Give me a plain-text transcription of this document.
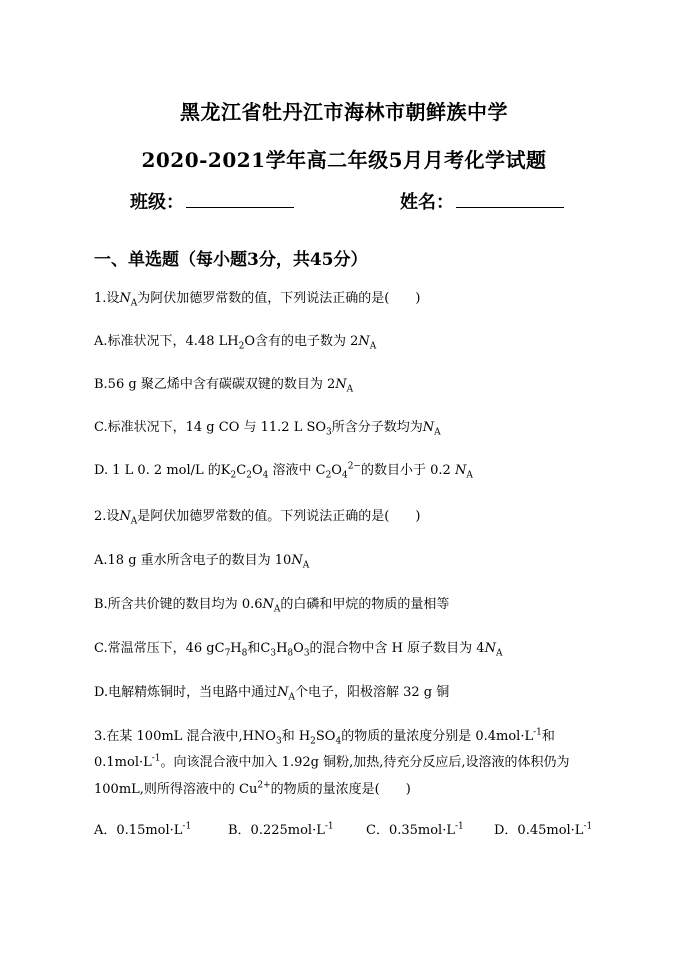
黑龙江省牡丹江市海林市朝鲜族中学
2020-2021学年高二年级5月月考化学试题
班级：	姓名：
一、单选题（每小题3分，共45分）
1.设$N_A$为阿伏加德罗常数的值，下列说法正确的是(　　)
A.标准状况下，4.48 $LH_2O$含有的电子数为 $2N_A$
B.56 g 聚乙烯中含有碳碳双键的数目为 $2N_A$
C.标准状况下，14 g CO 与 11.2 L $SO_3$所含分子数均为$N_A$
D. 1 L 0. 2 mol/L 的$K_2C_2O_4$ 溶液中 $C_2O_4^{2-}$的数目小于 0.2 $N_A$
2.设$N_A$是阿伏加德罗常数的值。下列说法正确的是(　　)
A.18 g 重水所含电子的数目为 $10N_A$
B.所含共价键的数目均为 $0.6N_A$的白磷和甲烷的物质的量相等
C.常温常压下，46 $gC_7H_8$和$C_3H_8O_3$的混合物中含 H 原子数目为 $4N_A$
D.电解精炼铜时，当电路中通过$N_A$个电子，阳极溶解 32 g 铜
3.在某 100mL 混合液中$,HNO_3$和 $H_2SO_4$的物质的量浓度分别是 $0.4mol\cdot L^{-1}$和
$0.1mol\cdot L^{-1}$。向该混合液中加入 1.92g 铜粉,加热,待充分反应后,设溶液的体积仍为
100mL,则所得溶液中的 $Cu^{2+}$的物质的量浓度是(　　)
A．$0.15mol\cdot L^{-1}$	B．$0.225mol\cdot L^{-1}$ C．$0.35mol\cdot L^{-1}$ D．$0.45mol\cdot L^{-1}$
